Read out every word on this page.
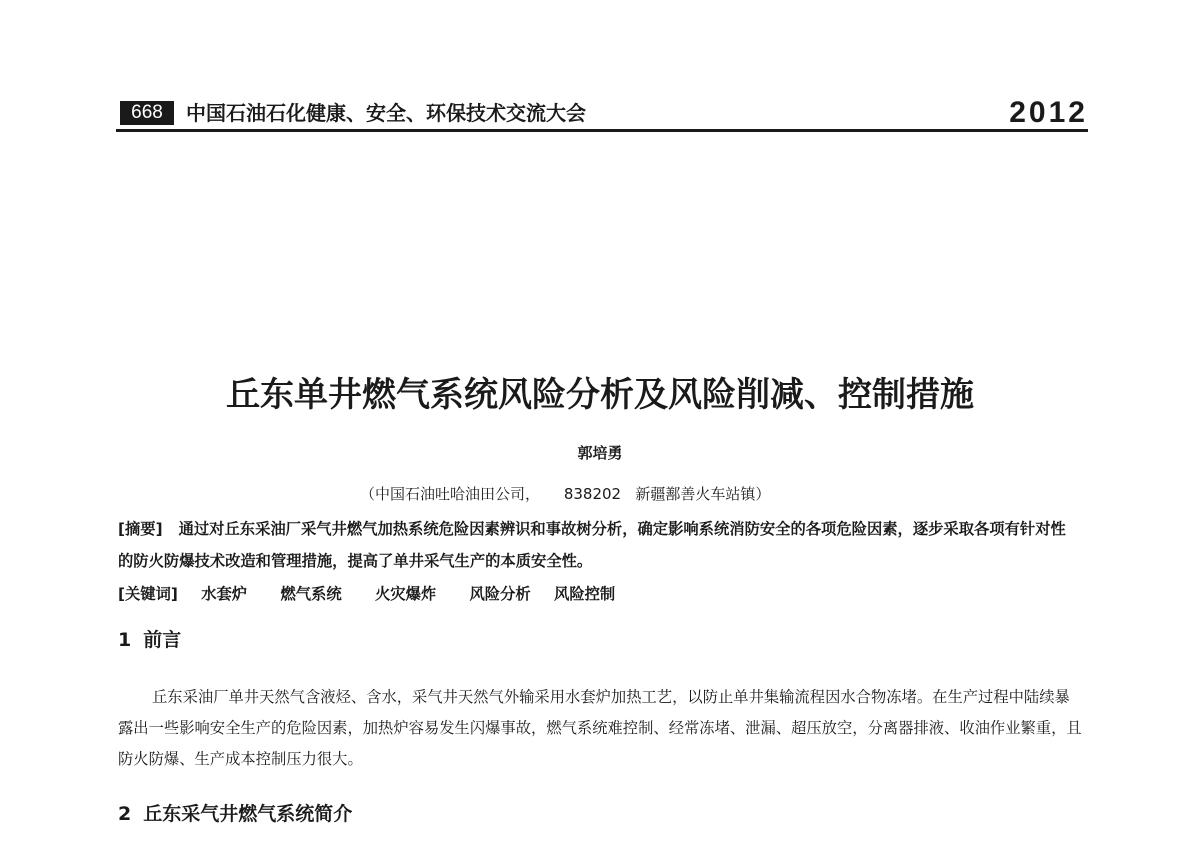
668	中国石油石化健康、安全、环保技术交流大会	2012
丘东单井燃气系统风险分析及风险削减、控制措施
郭培勇
（中国石油吐哈油田公司，     838202   新疆鄯善火车站镇）

[摘要] 通过对丘东采油厂采气井燃气加热系统危险因素辨识和事故树分析，确定影响系统消防安全的各项危险因素，逐步采取各项有针对性的防火防爆技术改造和管理措施，提高了单井采气生产的本质安全性。

[关键词] 水套炉 燃气系统 火灾爆炸 风险分析 风险控制
1 前言

丘东采油厂单井天然气含液烃、含水，采气井天然气外输采用水套炉加热工艺，以防止单井集输流程因水合物冻堵。在生产过程中陆续暴露出一些影响安全生产的危险因素，加热炉容易发生闪爆事故，燃气系统难控制、经常冻堵、泄漏、超压放空，分离器排液、收油作业繁重，且防火防爆、生产成本控制压力很大。

2 丘东采气井燃气系统简介
